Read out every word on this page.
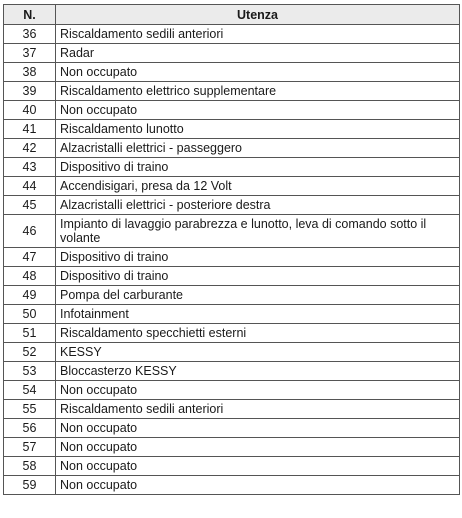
N.	Utenza
36	Riscaldamento sedili anteriori
37	Radar
38	Non occupato
39	Riscaldamento elettrico supplementare
40	Non occupato
41	Riscaldamento lunotto
42	Alzacristalli elettrici - passeggero
43	Dispositivo di traino
44	Accendisigari, presa da 12 Volt
45	Alzacristalli elettrici - posteriore destra
46	Impianto di lavaggio parabrezza e lunotto, leva di comando sotto il volante
47	Dispositivo di traino
48	Dispositivo di traino
49	Pompa del carburante
50	Infotainment
51	Riscaldamento specchietti esterni
52	KESSY
53	Bloccasterzo KESSY
54	Non occupato
55	Riscaldamento sedili anteriori
56	Non occupato
57	Non occupato
58	Non occupato
59	Non occupato
